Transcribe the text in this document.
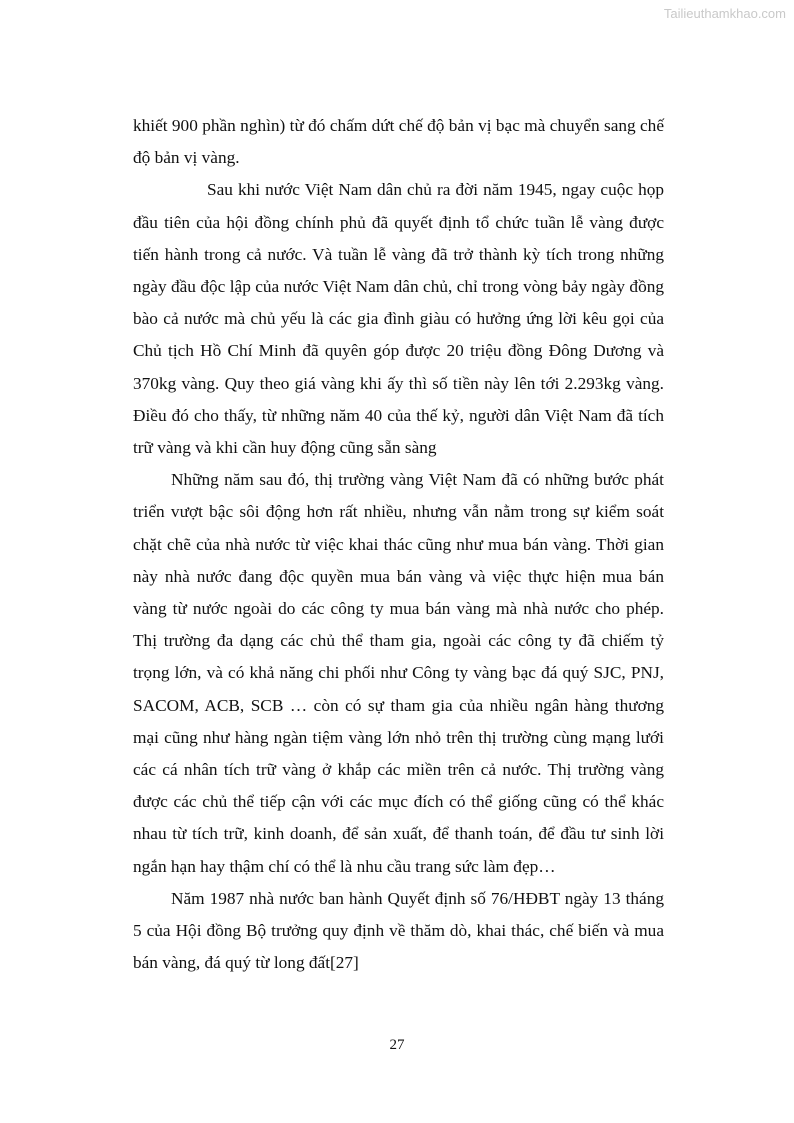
Tailieuthamkhao.com

khiết 900 phần nghìn) từ đó chấm dứt chế độ bản vị bạc mà chuyển sang chế độ bản vị vàng.

Sau khi nước Việt Nam dân chủ ra đời năm 1945, ngay cuộc họp đầu tiên của hội đồng chính phủ đã quyết định tổ chức tuần lễ vàng được tiến hành trong cả nước. Và tuần lễ vàng đã trở thành kỳ tích trong những ngày đầu độc lập của nước Việt Nam dân chủ, chỉ trong vòng bảy ngày đồng bào cả nước mà chủ yếu là các gia đình giàu có hưởng ứng lời kêu gọi của Chủ tịch Hồ Chí Minh đã quyên góp được 20 triệu đồng Đông Dương và 370kg vàng. Quy theo giá vàng khi ấy thì số tiền này lên tới 2.293kg vàng. Điều đó cho thấy, từ những năm 40 của thế kỷ, người dân Việt Nam đã tích trữ vàng và khi cần huy động cũng sẵn sàng

Những năm sau đó, thị trường vàng Việt Nam đã có những bước phát triển vượt bậc sôi động hơn rất nhiều, nhưng vẫn nằm trong sự kiểm soát chặt chẽ của nhà nước từ việc khai thác cũng như mua bán vàng. Thời gian này nhà nước đang độc quyền mua bán vàng và việc thực hiện mua bán vàng từ nước ngoài do các công ty mua bán vàng mà nhà nước cho phép. Thị trường đa dạng các chủ thể tham gia, ngoài các công ty đã chiếm tỷ trọng lớn, và có khả năng chi phối như Công ty vàng bạc đá quý SJC, PNJ, SACOM, ACB, SCB … còn có sự tham gia của nhiều ngân hàng thương mại cũng như hàng ngàn tiệm vàng lớn nhỏ trên thị trường cùng mạng lưới các cá nhân tích trữ vàng ở khắp các miền trên cả nước. Thị trường vàng được các chủ thể tiếp cận với các mục đích có thể giống cũng có thể khác nhau từ tích trữ, kinh doanh, để sản xuất, để thanh toán, để đầu tư sinh lời ngắn hạn hay thậm chí có thể là nhu cầu trang sức làm đẹp…

Năm 1987 nhà nước ban hành Quyết định số 76/HĐBT ngày 13 tháng 5 của Hội đồng Bộ trưởng quy định về thăm dò, khai thác, chế biến và mua bán vàng, đá quý từ long đất[27]

27
